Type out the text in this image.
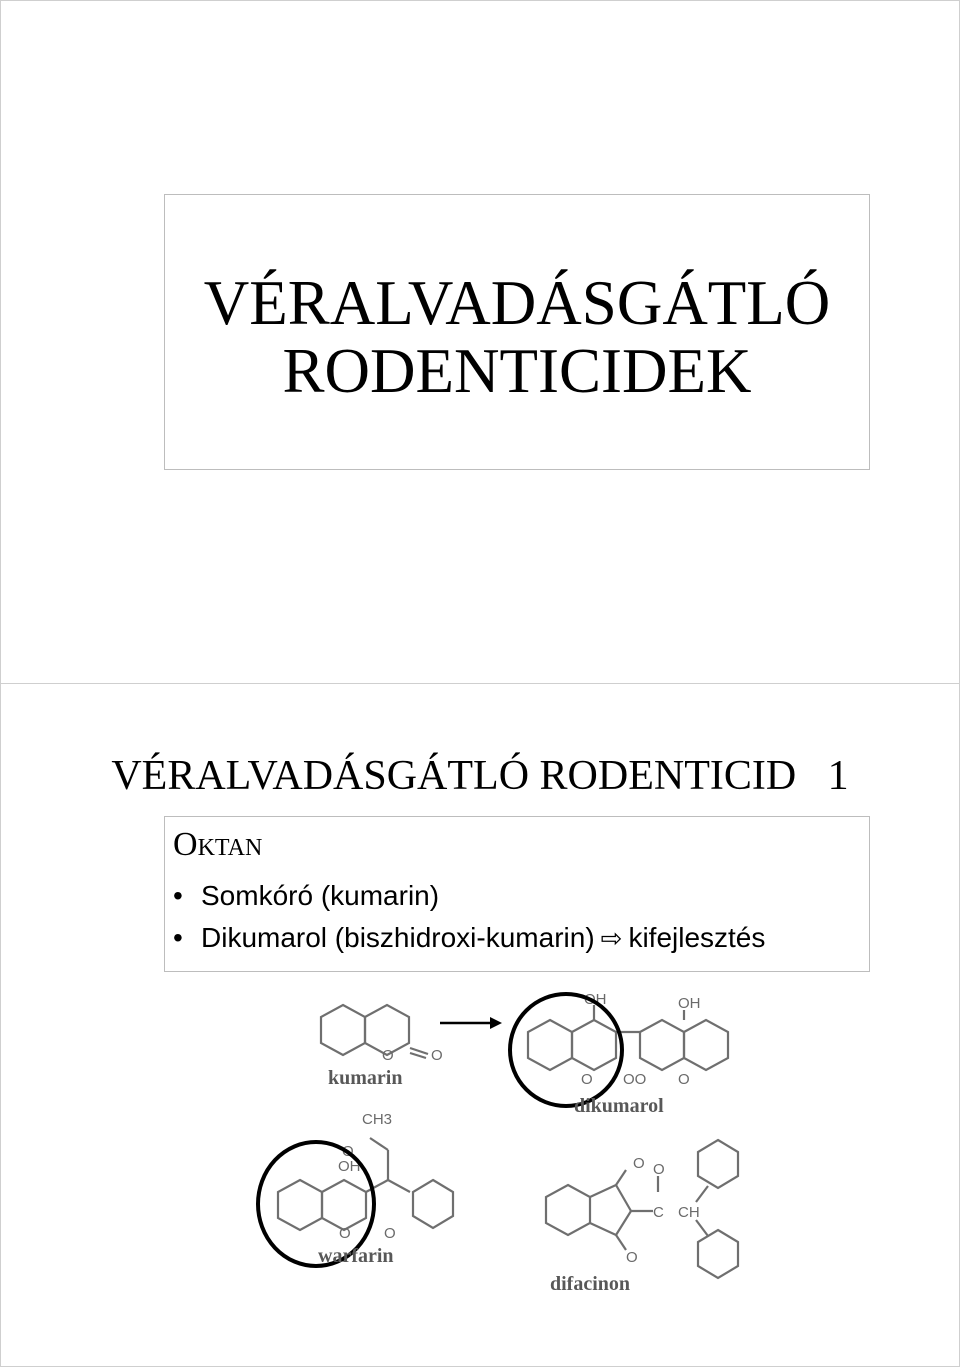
VÉRALVADÁSGÁTLÓ
RODENTICIDEK
VÉRALVADÁSGÁTLÓ RODENTICID   1
OKTAN
• Somkóró (kumarin)
• Dikumarol (biszhidroxi-kumarin) ⇨ kifejlesztés
O O
kumarin
OH	OH
O OO O
dikumarol
CH3
O
OH
O O
warfarin
O
O
O
C CH
difacinon
